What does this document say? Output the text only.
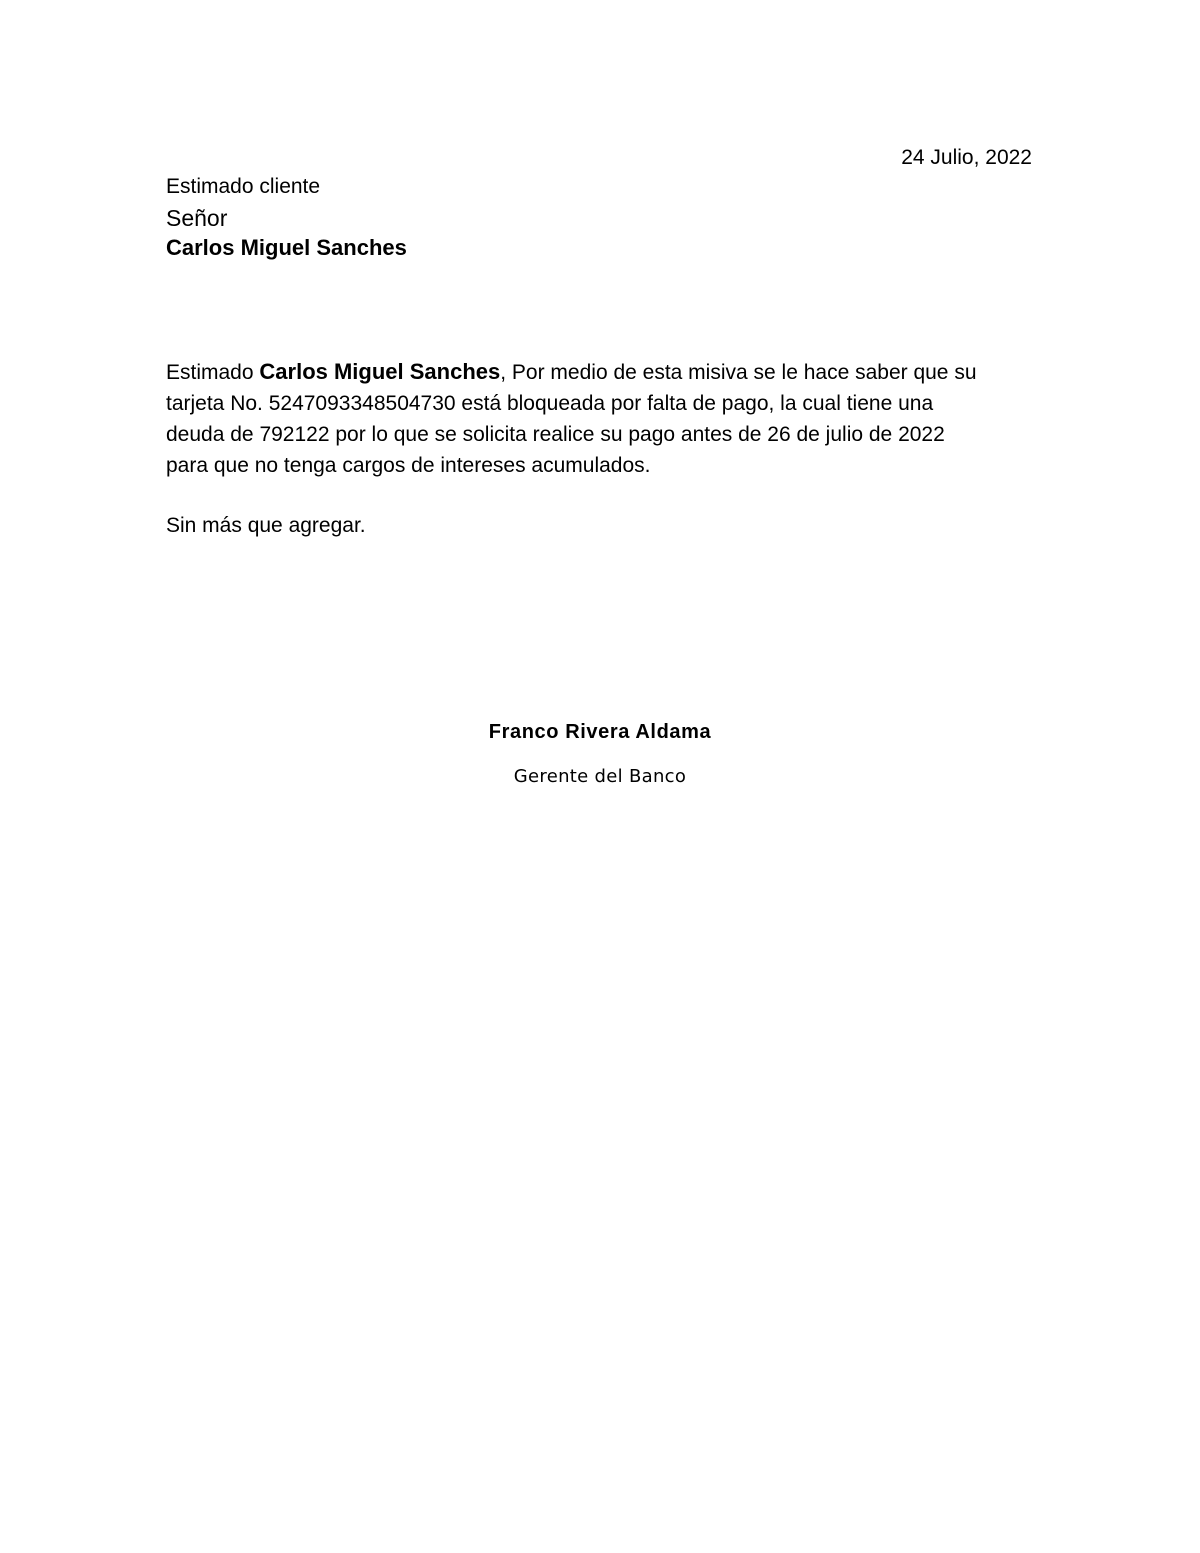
24 Julio, 2022
Estimado cliente
Señor
Carlos Miguel Sanches
Estimado Carlos Miguel Sanches, Por medio de esta misiva se le hace saber que su
tarjeta No. 5247093348504730 está bloqueada por falta de pago, la cual tiene una
deuda de 792122 por lo que se solicita realice su pago antes de 26 de julio de 2022
para que no tenga cargos de intereses acumulados.
Sin más que agregar.
Franco Rivera Aldama
Gerente del Banco
